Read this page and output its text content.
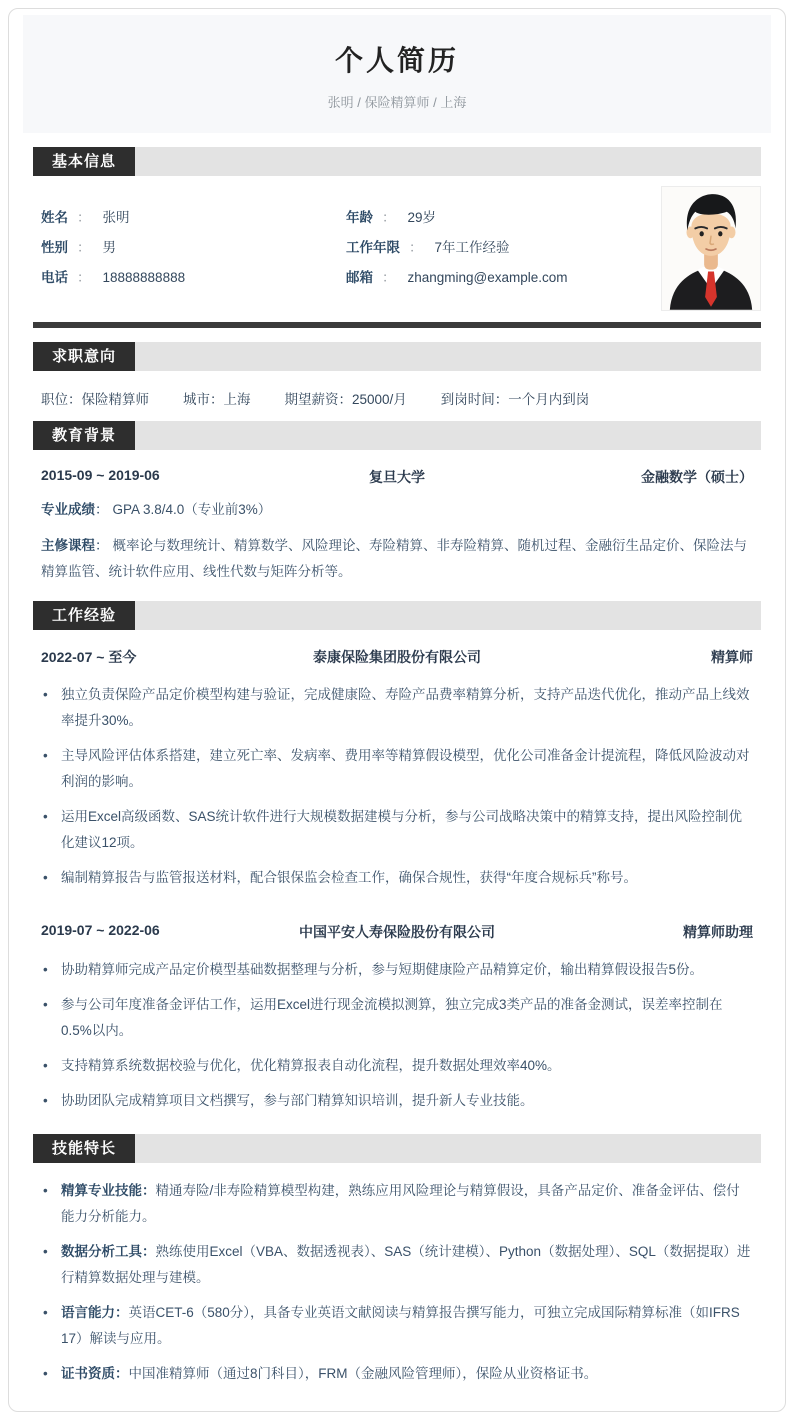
个人简历
张明 / 保险精算师 / 上海
基本信息
姓名 ： 张明	年龄 ： 29岁
性别 ： 男	工作年限 ： 7年工作经验
电话 ： 18888888888	邮箱 ： zhangming@example.com
求职意向
职位：保险精算师	城市：上海	期望薪资：25000/月	到岗时间：一个月内到岗
教育背景
2015-09 ~ 2019-06	复旦大学	金融数学（硕士）
专业成绩： GPA 3.8/4.0（专业前3%）
主修课程： 概率论与数理统计、精算数学、风险理论、寿险精算、非寿险精算、随机过程、金融衍生品定价、保险法与精算监管、统计软件应用、线性代数与矩阵分析等。
工作经验
2022-07 ~ 至今	泰康保险集团股份有限公司	精算师
• 独立负责保险产品定价模型构建与验证，完成健康险、寿险产品费率精算分析，支持产品迭代优化，推动产品上线效率提升30%。
• 主导风险评估体系搭建，建立死亡率、发病率、费用率等精算假设模型，优化公司准备金计提流程，降低风险波动对利润的影响。
• 运用Excel高级函数、SAS统计软件进行大规模数据建模与分析，参与公司战略决策中的精算支持，提出风险控制优化建议12项。
• 编制精算报告与监管报送材料，配合银保监会检查工作，确保合规性，获得“年度合规标兵”称号。
2019-07 ~ 2022-06	中国平安人寿保险股份有限公司	精算师助理
• 协助精算师完成产品定价模型基础数据整理与分析，参与短期健康险产品精算定价，输出精算假设报告5份。
• 参与公司年度准备金评估工作，运用Excel进行现金流模拟测算，独立完成3类产品的准备金测试，误差率控制在0.5%以内。
• 支持精算系统数据校验与优化，优化精算报表自动化流程，提升数据处理效率40%。
• 协助团队完成精算项目文档撰写，参与部门精算知识培训，提升新人专业技能。
技能特长
• 精算专业技能：精通寿险/非寿险精算模型构建，熟练应用风险理论与精算假设，具备产品定价、准备金评估、偿付能力分析能力。
• 数据分析工具：熟练使用Excel（VBA、数据透视表）、SAS（统计建模）、Python（数据处理）、SQL（数据提取）进行精算数据处理与建模。
• 语言能力：英语CET-6（580分），具备专业英语文献阅读与精算报告撰写能力，可独立完成国际精算标准（如IFRS 17）解读与应用。
• 证书资质：中国准精算师（通过8门科目），FRM（金融风险管理师），保险从业资格证书。
